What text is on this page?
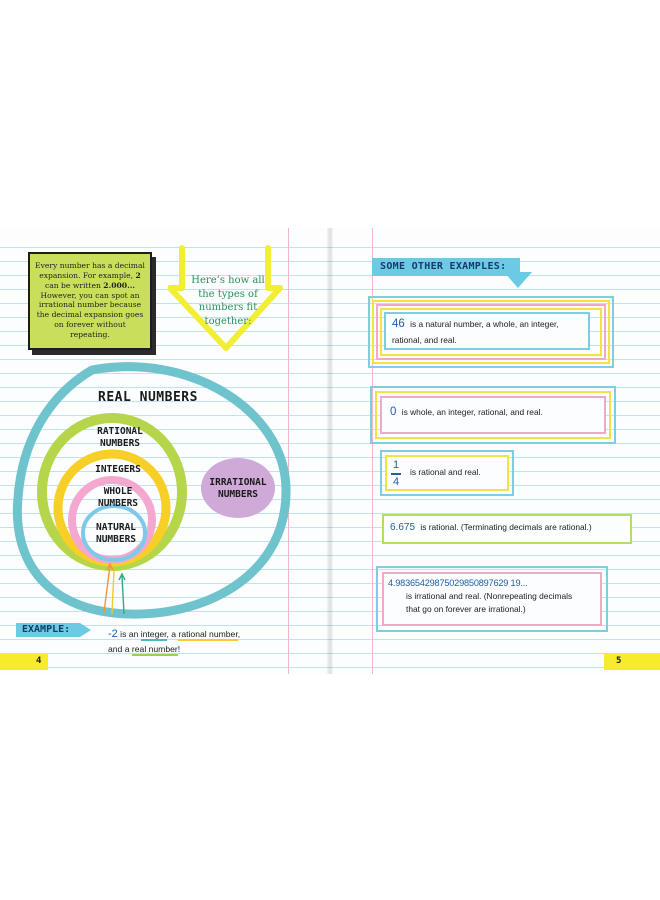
Every number has a decimal expansion. For example, 2 can be written 2.000... However, you can spot an irrational number because the decimal expansion goes on forever without repeating.
Here’s how all the types of numbers fit together:
REAL NUMBERS
RATIONAL NUMBERS
INTEGERS
WHOLE NUMBERS
NATURAL NUMBERS
IRRATIONAL NUMBERS
EXAMPLE:	-2 is an integer, a rational number,
and a real number!
4
SOME OTHER EXAMPLES:
46 is a natural number, a whole, an integer,
rational, and real.
0 is whole, an integer, rational, and real.
1
4
is rational and real.
6.675 is rational. (Terminating decimals are rational.)
4.98365429875029850897629 19...
is irrational and real. (Nonrepeating decimals
that go on forever are irrational.)
5
